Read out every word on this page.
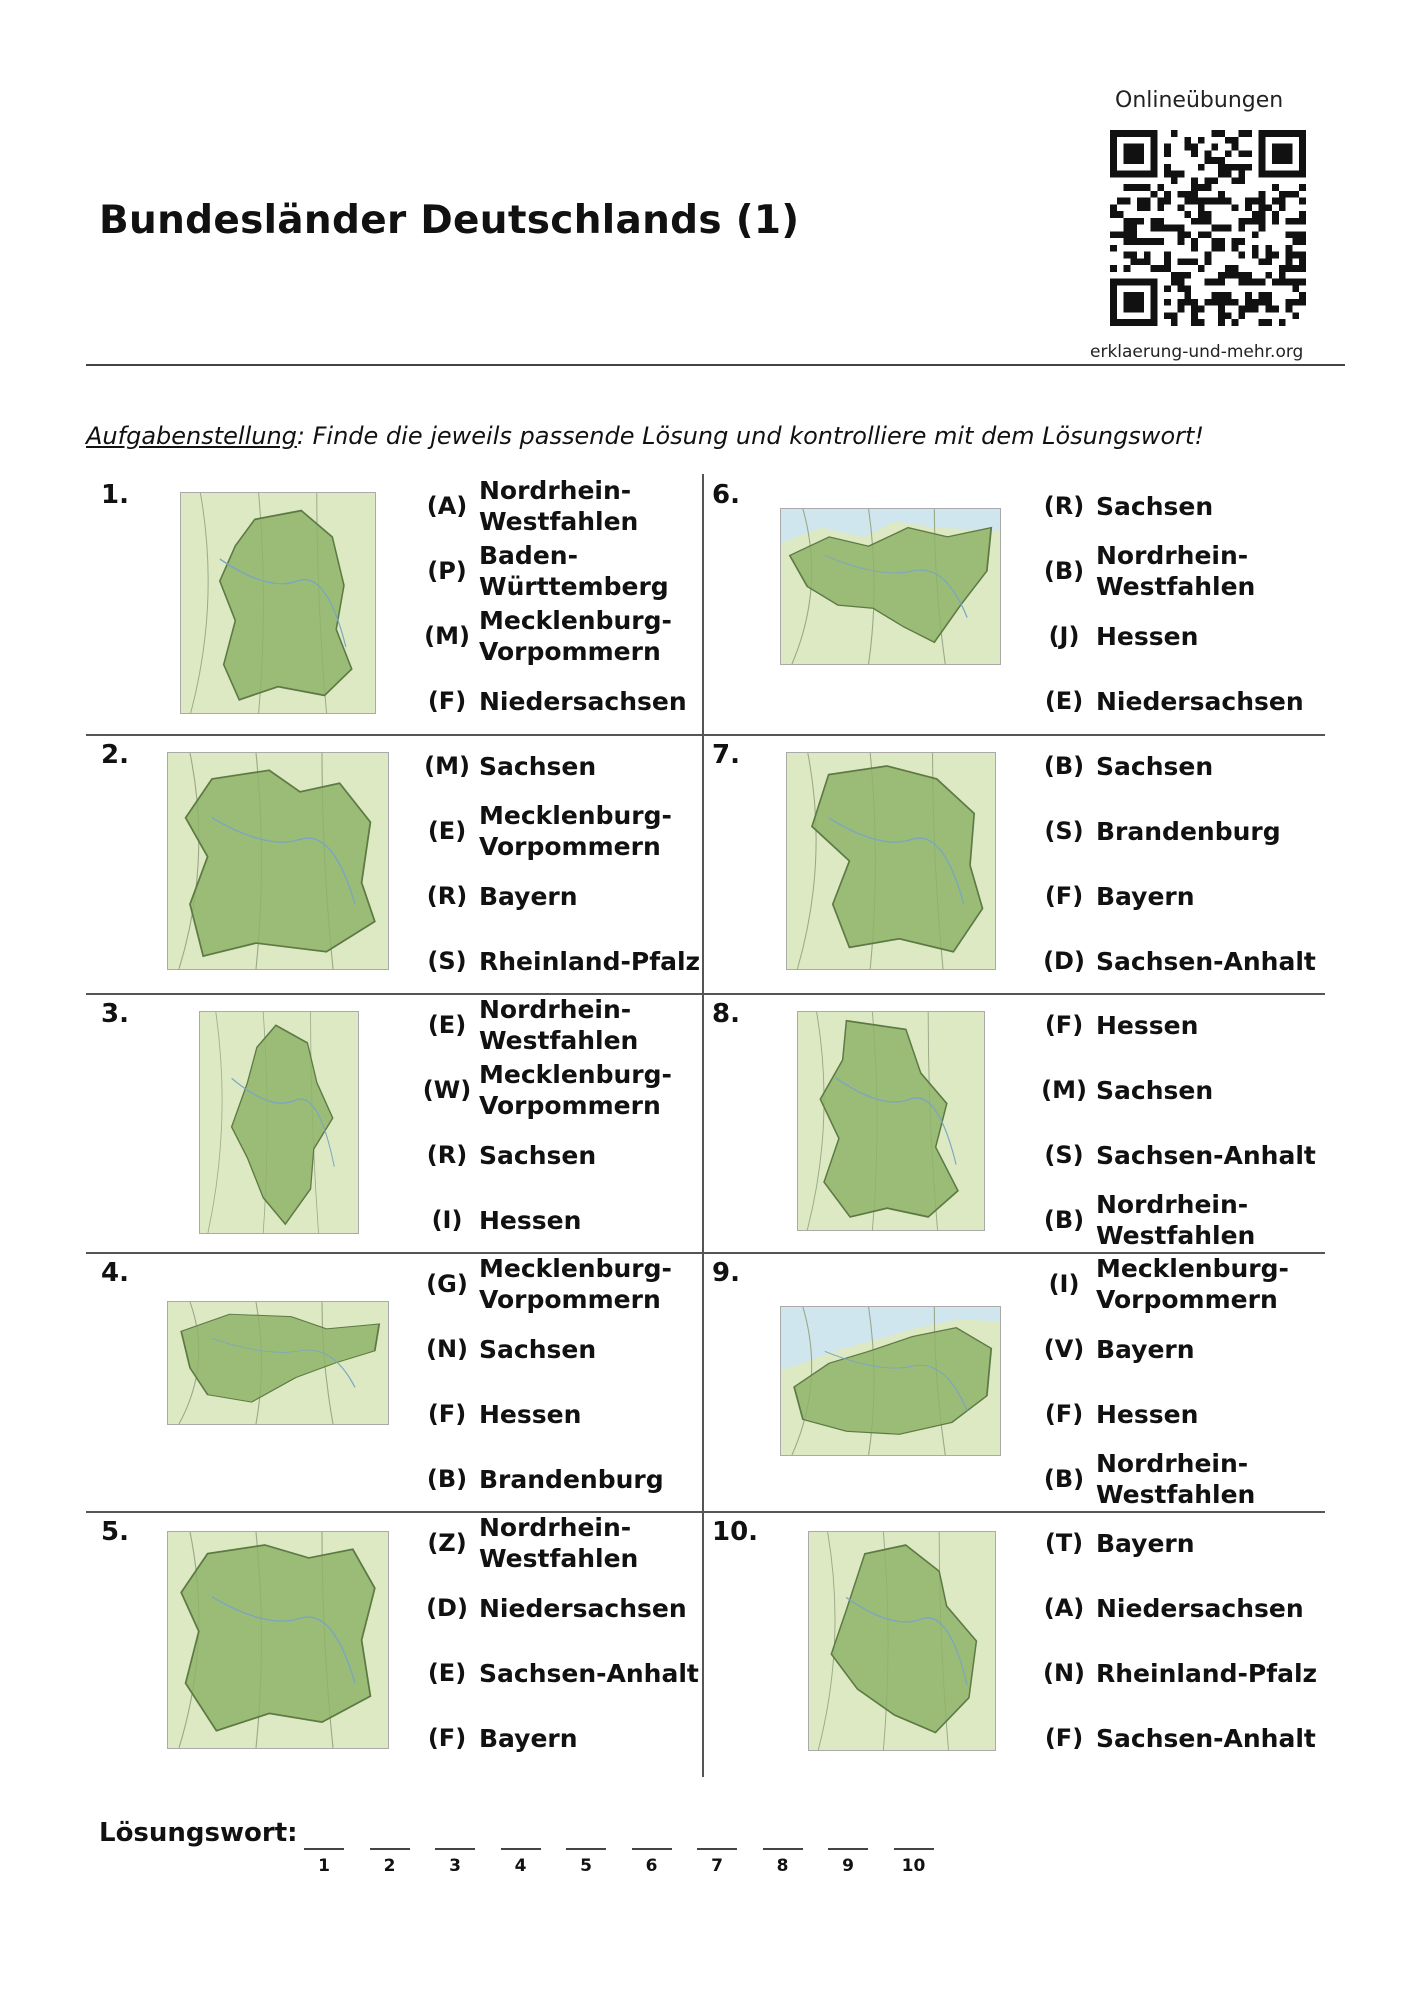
Bundesländer Deutschlands (1)
Onlineübungen
erklaerung-und-mehr.org
Aufgabenstellung: Finde die jeweils passende Lösung und kontrolliere mit dem Lösungswort!
1.	(A)
Nordrhein-
Westfahlen
(P)
Baden-
Württemberg
(M)
Mecklenburg-
Vorpommern
(F) Niedersachsen
2.	(M) Sachsen
(E)
Mecklenburg-
Vorpommern
(R) Bayern
(S) Rheinland-Pfalz
3.	(E)
Nordrhein-
Westfahlen
(W)
Mecklenburg-
Vorpommern
(R) Sachsen
(I) Hessen
4.	(G)
Mecklenburg-
Vorpommern
(N) Sachsen
(F) Hessen
(B) Brandenburg
5.	(Z)
Nordrhein-
Westfahlen
(D) Niedersachsen
(E) Sachsen-Anhalt
(F) Bayern
6.	(R) Sachsen
(B)
Nordrhein-
Westfahlen
(J) Hessen
(E) Niedersachsen
7.	(B) Sachsen
(S) Brandenburg
(F) Bayern
(D) Sachsen-Anhalt
8.	(F) Hessen
(M) Sachsen
(S) Sachsen-Anhalt
(B)
Nordrhein-
Westfahlen
9.	(I)
Mecklenburg-
Vorpommern
(V) Bayern
(F) Hessen
(B)
Nordrhein-
Westfahlen
10.	(T) Bayern
(A) Niedersachsen
(N) Rheinland-Pfalz
(F) Sachsen-Anhalt
Lösungswort:
1	2	3	4	5	6	7	8	9	10
